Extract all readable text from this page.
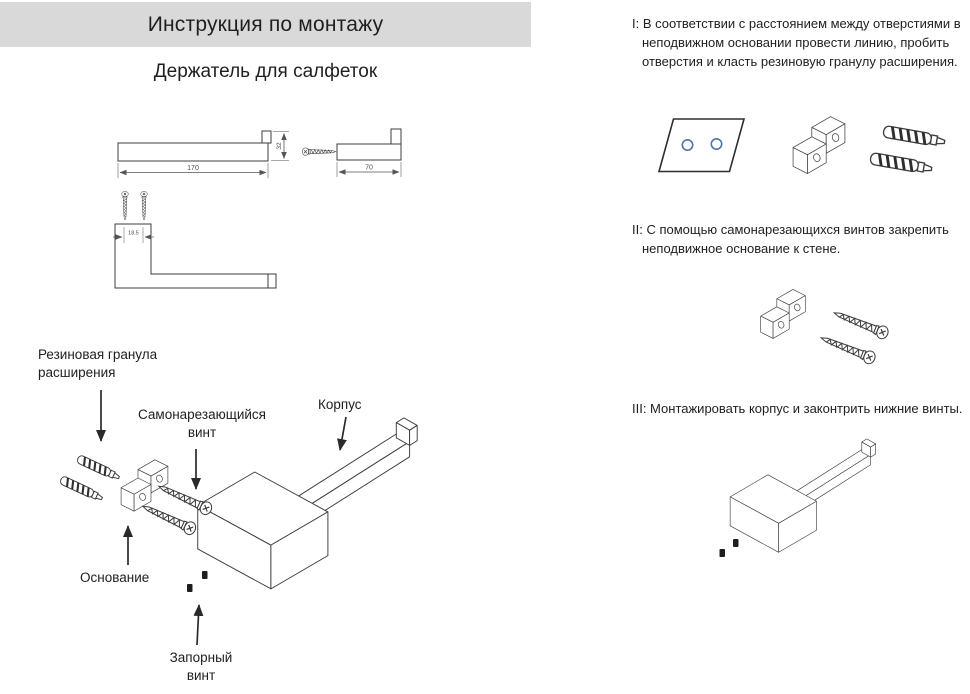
Инструкция по монтажу
Держатель для салфеток
I: В соответствии с расстоянием между отверстиями в неподвижном основании провести линию, пробить отверстия и класть резиновую гранулу расширения.
II: С помощью самонарезающихся винтов закрепить неподвижное основание к стене.
III: Монтажировать корпус и законтрить нижние винты.
Резиновая гранула расширения
Самонарезающийся винт
Корпус
Основание
Запорный винт
170
32
70
18.5
